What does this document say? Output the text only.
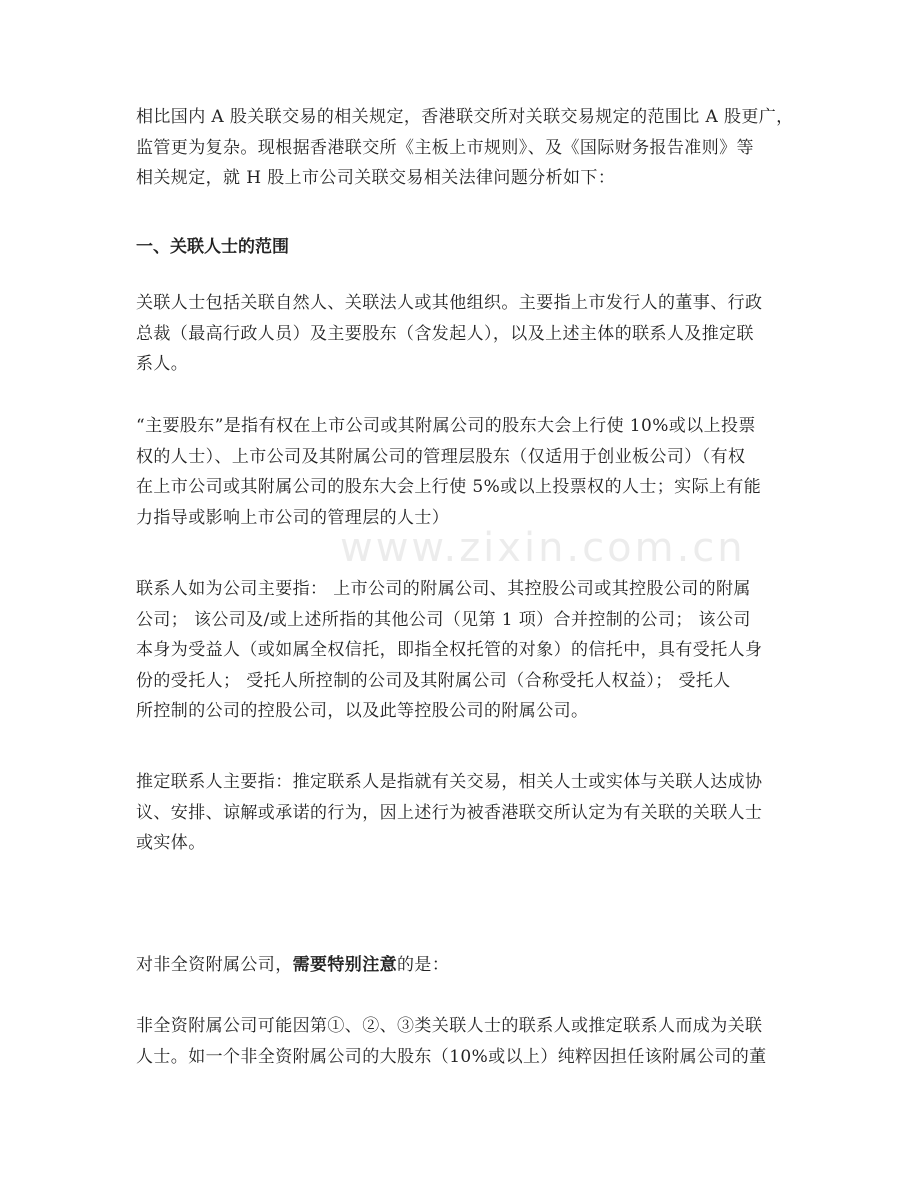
www.zixin.com.cn

相比国内 A 股关联交易的相关规定，香港联交所对关联交易规定的范围比 A 股更广，
监管更为复杂。现根据香港联交所《主板上市规则》、及《国际财务报告准则》等
相关规定，就 H 股上市公司关联交易相关法律问题分析如下：

一、关联人士的范围

关联人士包括关联自然人、关联法人或其他组织。主要指上市发行人的董事、行政
总裁（最高行政人员）及主要股东（含发起人），以及上述主体的联系人及推定联
系人。

“主要股东”是指有权在上市公司或其附属公司的股东大会上行使 10%或以上投票
权的人士）、上市公司及其附属公司的管理层股东（仅适用于创业板公司）（有权
在上市公司或其附属公司的股东大会上行使 5%或以上投票权的人士；实际上有能
力指导或影响上市公司的管理层的人士）

联系人如为公司主要指： 上市公司的附属公司、其控股公司或其控股公司的附属
公司； 该公司及/或上述所指的其他公司（见第 1 项）合并控制的公司； 该公司
本身为受益人（或如属全权信托，即指全权托管的对象）的信托中，具有受托人身
份的受托人； 受托人所控制的公司及其附属公司（合称受托人权益）； 受托人
所控制的公司的控股公司，以及此等控股公司的附属公司。

推定联系人主要指：推定联系人是指就有关交易，相关人士或实体与关联人达成协
议、安排、谅解或承诺的行为，因上述行为被香港联交所认定为有关联的关联人士
或实体。

对非全资附属公司，需要特别注意的是：

非全资附属公司可能因第①、②、③类关联人士的联系人或推定联系人而成为关联
人士。如一个非全资附属公司的大股东（10%或以上）纯粹因担任该附属公司的董
